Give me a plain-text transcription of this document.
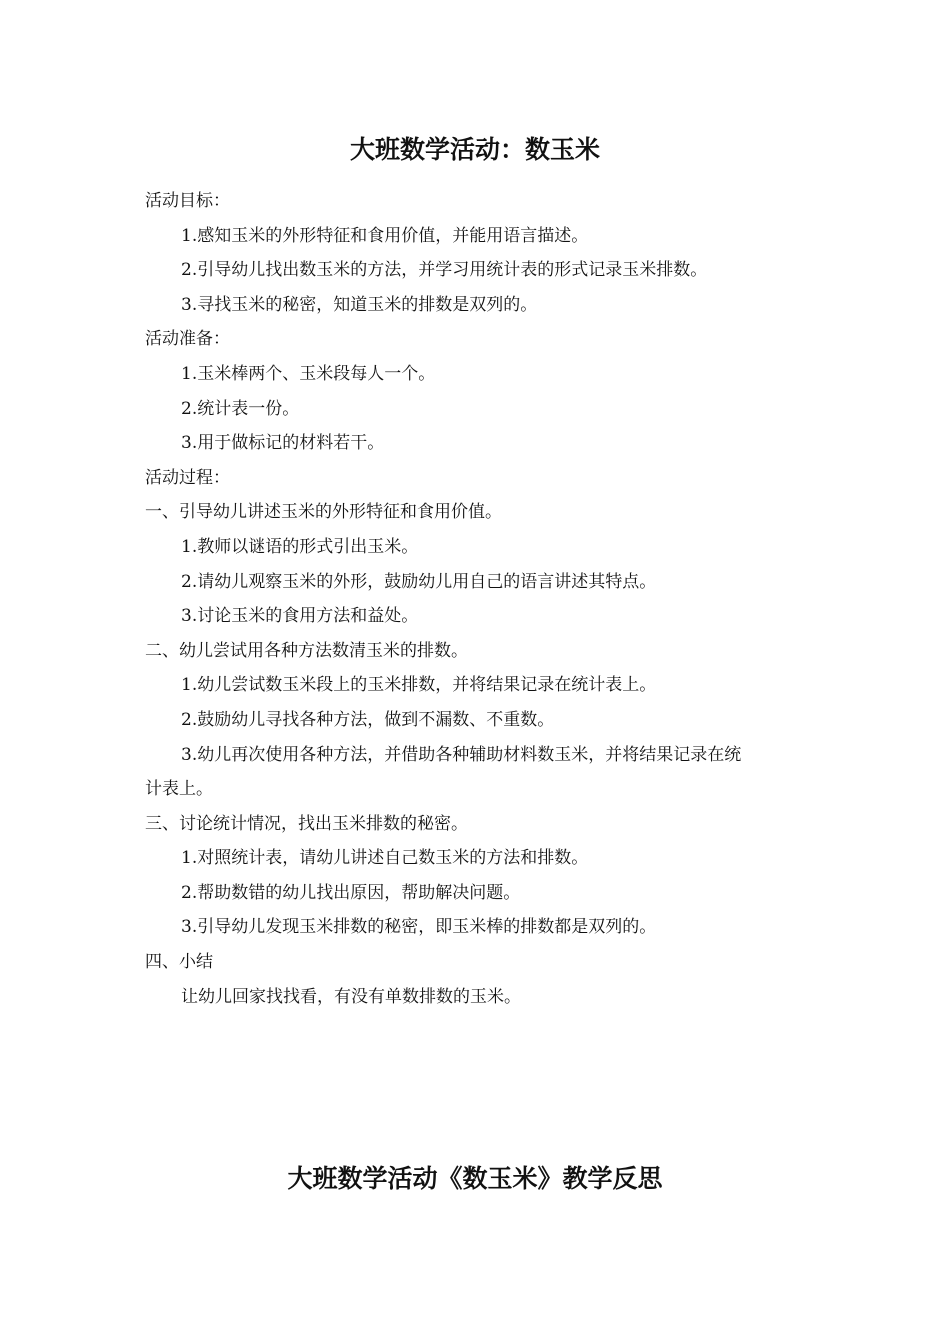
大班数学活动：数玉米
活动目标：
1.感知玉米的外形特征和食用价值，并能用语言描述。
2.引导幼儿找出数玉米的方法，并学习用统计表的形式记录玉米排数。
3.寻找玉米的秘密，知道玉米的排数是双列的。
活动准备：
1.玉米棒两个、玉米段每人一个。
2.统计表一份。
3.用于做标记的材料若干。
活动过程：
一、引导幼儿讲述玉米的外形特征和食用价值。
1.教师以谜语的形式引出玉米。
2.请幼儿观察玉米的外形，鼓励幼儿用自己的语言讲述其特点。
3.讨论玉米的食用方法和益处。
二、幼儿尝试用各种方法数清玉米的排数。
1.幼儿尝试数玉米段上的玉米排数，并将结果记录在统计表上。
2.鼓励幼儿寻找各种方法，做到不漏数、不重数。
3.幼儿再次使用各种方法，并借助各种辅助材料数玉米，并将结果记录在统
计表上。
三、讨论统计情况，找出玉米排数的秘密。
1.对照统计表，请幼儿讲述自己数玉米的方法和排数。
2.帮助数错的幼儿找出原因，帮助解决问题。
3.引导幼儿发现玉米排数的秘密，即玉米棒的排数都是双列的。
四、小结
让幼儿回家找找看，有没有单数排数的玉米。
大班数学活动《数玉米》教学反思
